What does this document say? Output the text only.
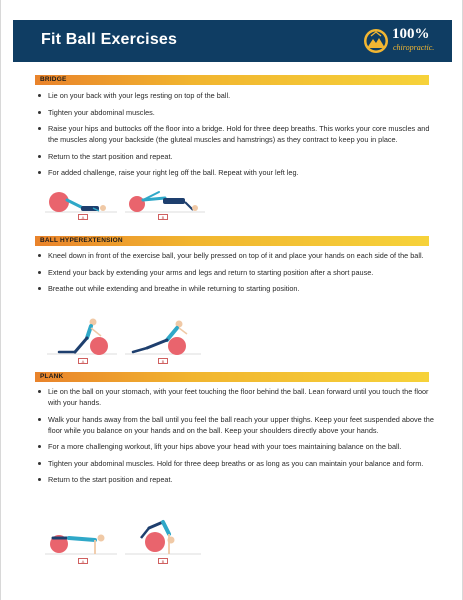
Fit Ball Exercises	100%
chiropractic.
BRIDGE
Lie on your back with your legs resting on top of the ball.
Tighten your abdominal muscles.
Raise your hips and buttocks off the floor into a bridge. Hold for three deep breaths. This works your core muscles and the muscles along your backside (the gluteal muscles and hamstrings) as they contract to keep you in place.
Return to the start position and repeat.
For added challenge, raise your right leg off the ball. Repeat with your left leg.
A	B
BALL HYPEREXTENSION
Kneel down in front of the exercise ball, your belly pressed on top of it and place your hands on each side of the ball.
Extend your back by extending your arms and legs and return to starting position after a short pause.
Breathe out while extending and breathe in while returning to starting position.
A	B
PLANK
Lie on the ball on your stomach, with your feet touching the floor behind the ball. Lean forward until you touch the floor with your hands.
Walk your hands away from the ball until you feel the ball reach your upper thighs. Keep your feet suspended above the floor while you balance on your hands and on the ball. Keep your shoulders directly above your hands.
For a more challenging workout, lift your hips above your head with your toes maintaining balance on the ball.
Tighten your abdominal muscles. Hold for three deep breaths or as long as you can maintain your balance and form.
Return to the start position and repeat.
A	B
